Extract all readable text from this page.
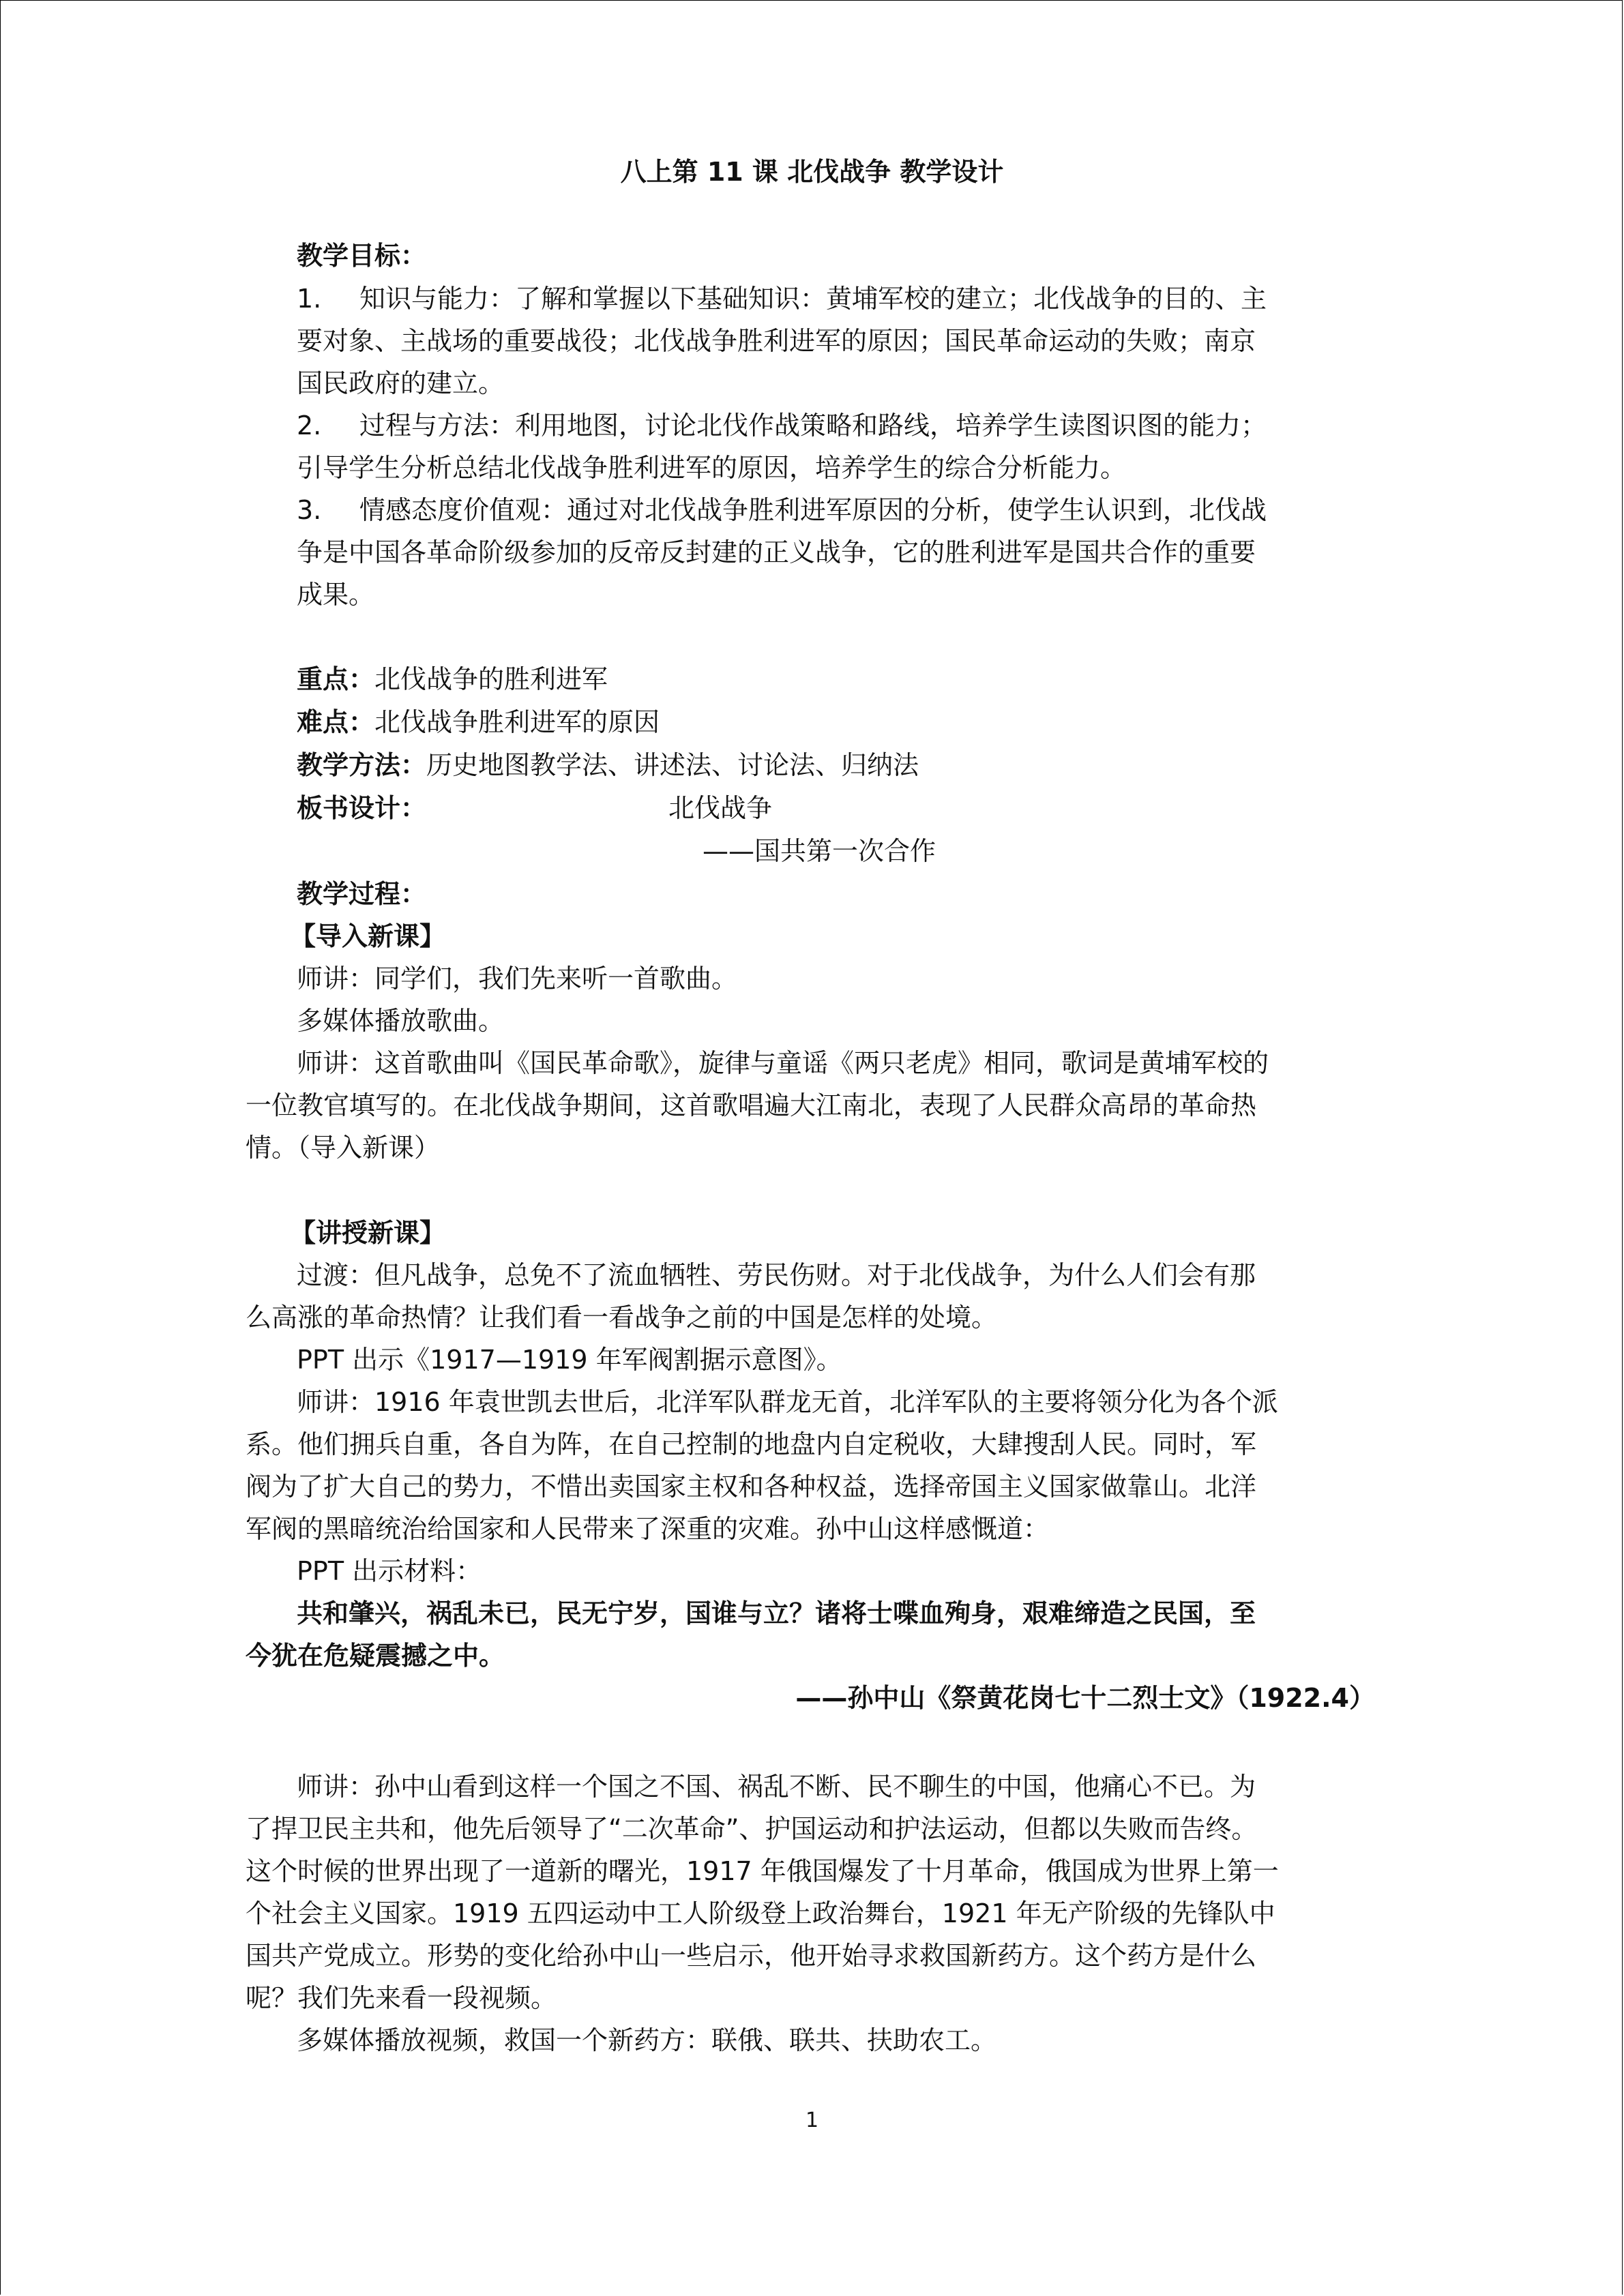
八上第 11 课 北伐战争 教学设计
教学目标：
1. 知识与能力：了解和掌握以下基础知识：黄埔军校的建立；北伐战争的目的、主
要对象、主战场的重要战役；北伐战争胜利进军的原因；国民革命运动的失败；南京
国民政府的建立。
2. 过程与方法：利用地图，讨论北伐作战策略和路线，培养学生读图识图的能力；
引导学生分析总结北伐战争胜利进军的原因，培养学生的综合分析能力。
3. 情感态度价值观：通过对北伐战争胜利进军原因的分析，使学生认识到，北伐战
争是中国各革命阶级参加的反帝反封建的正义战争，它的胜利进军是国共合作的重要
成果。
重点：北伐战争的胜利进军
难点：北伐战争胜利进军的原因
教学方法：历史地图教学法、讲述法、讨论法、归纳法
板书设计：	北伐战争
——国共第一次合作
教学过程：
【导入新课】
师讲：同学们，我们先来听一首歌曲。
多媒体播放歌曲。
师讲：这首歌曲叫《国民革命歌》，旋律与童谣《两只老虎》相同，歌词是黄埔军校的
一位教官填写的。在北伐战争期间，这首歌唱遍大江南北，表现了人民群众高昂的革命热
情。（导入新课）
【讲授新课】
过渡：但凡战争，总免不了流血牺牲、劳民伤财。对于北伐战争，为什么人们会有那
么高涨的革命热情？让我们看一看战争之前的中国是怎样的处境。
PPT 出示《1917—1919 年军阀割据示意图》。
师讲：1916 年袁世凯去世后，北洋军队群龙无首，北洋军队的主要将领分化为各个派
系。他们拥兵自重，各自为阵，在自己控制的地盘内自定税收，大肆搜刮人民。同时，军
阀为了扩大自己的势力，不惜出卖国家主权和各种权益，选择帝国主义国家做靠山。北洋
军阀的黑暗统治给国家和人民带来了深重的灾难。孙中山这样感慨道：
PPT 出示材料：
共和肇兴，祸乱未已，民无宁岁，国谁与立？诸将士喋血殉身，艰难缔造之民国，至
今犹在危疑震撼之中。
——孙中山《祭黄花岗七十二烈士文》（1922.4）
师讲：孙中山看到这样一个国之不国、祸乱不断、民不聊生的中国，他痛心不已。为
了捍卫民主共和，他先后领导了“二次革命”、护国运动和护法运动，但都以失败而告终。
这个时候的世界出现了一道新的曙光，1917 年俄国爆发了十月革命，俄国成为世界上第一
个社会主义国家。1919 五四运动中工人阶级登上政治舞台，1921 年无产阶级的先锋队中
国共产党成立。形势的变化给孙中山一些启示，他开始寻求救国新药方。这个药方是什么
呢？我们先来看一段视频。
多媒体播放视频，救国一个新药方：联俄、联共、扶助农工。
1
